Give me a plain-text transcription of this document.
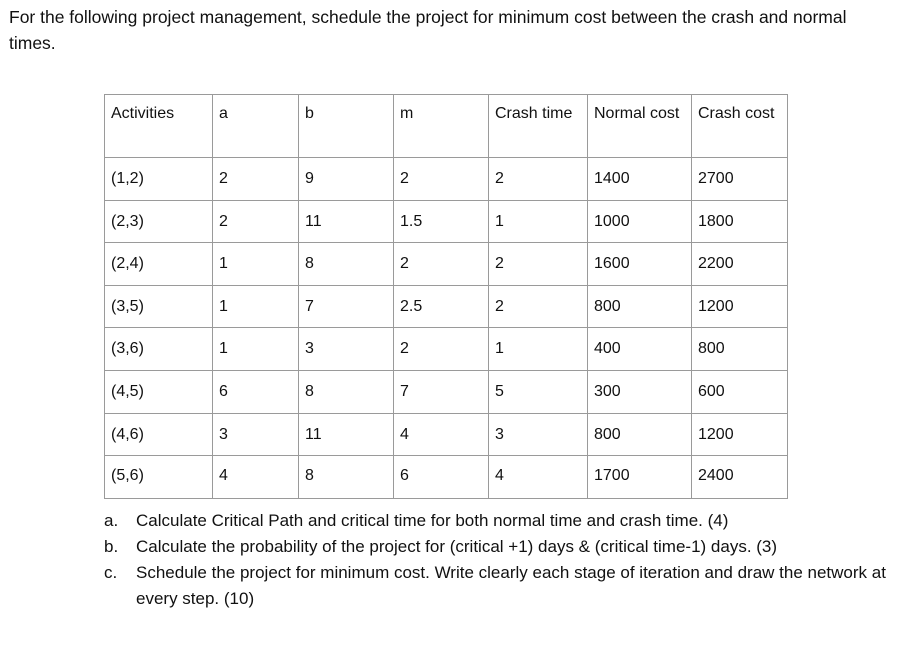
For the following project management, schedule the project for minimum cost between the crash and normal times.

Activities	a	b	m	Crash time	Normal cost	Crash cost
(1,2)	2	9	2	2	1400	2700
(2,3)	2	11	1.5	1	1000	1800
(2,4)	1	8	2	2	1600	2200
(3,5)	1	7	2.5	2	800	1200
(3,6)	1	3	2	1	400	800
(4,5)	6	8	7	5	300	600
(4,6)	3	11	4	3	800	1200
(5,6)	4	8	6	4	1700	2400
a. Calculate Critical Path and critical time for both normal time and crash time. (4)
b. Calculate the probability of the project for (critical +1) days & (critical time-1) days. (3)
c. Schedule the project for minimum cost. Write clearly each stage of iteration and draw the network at every step. (10)
